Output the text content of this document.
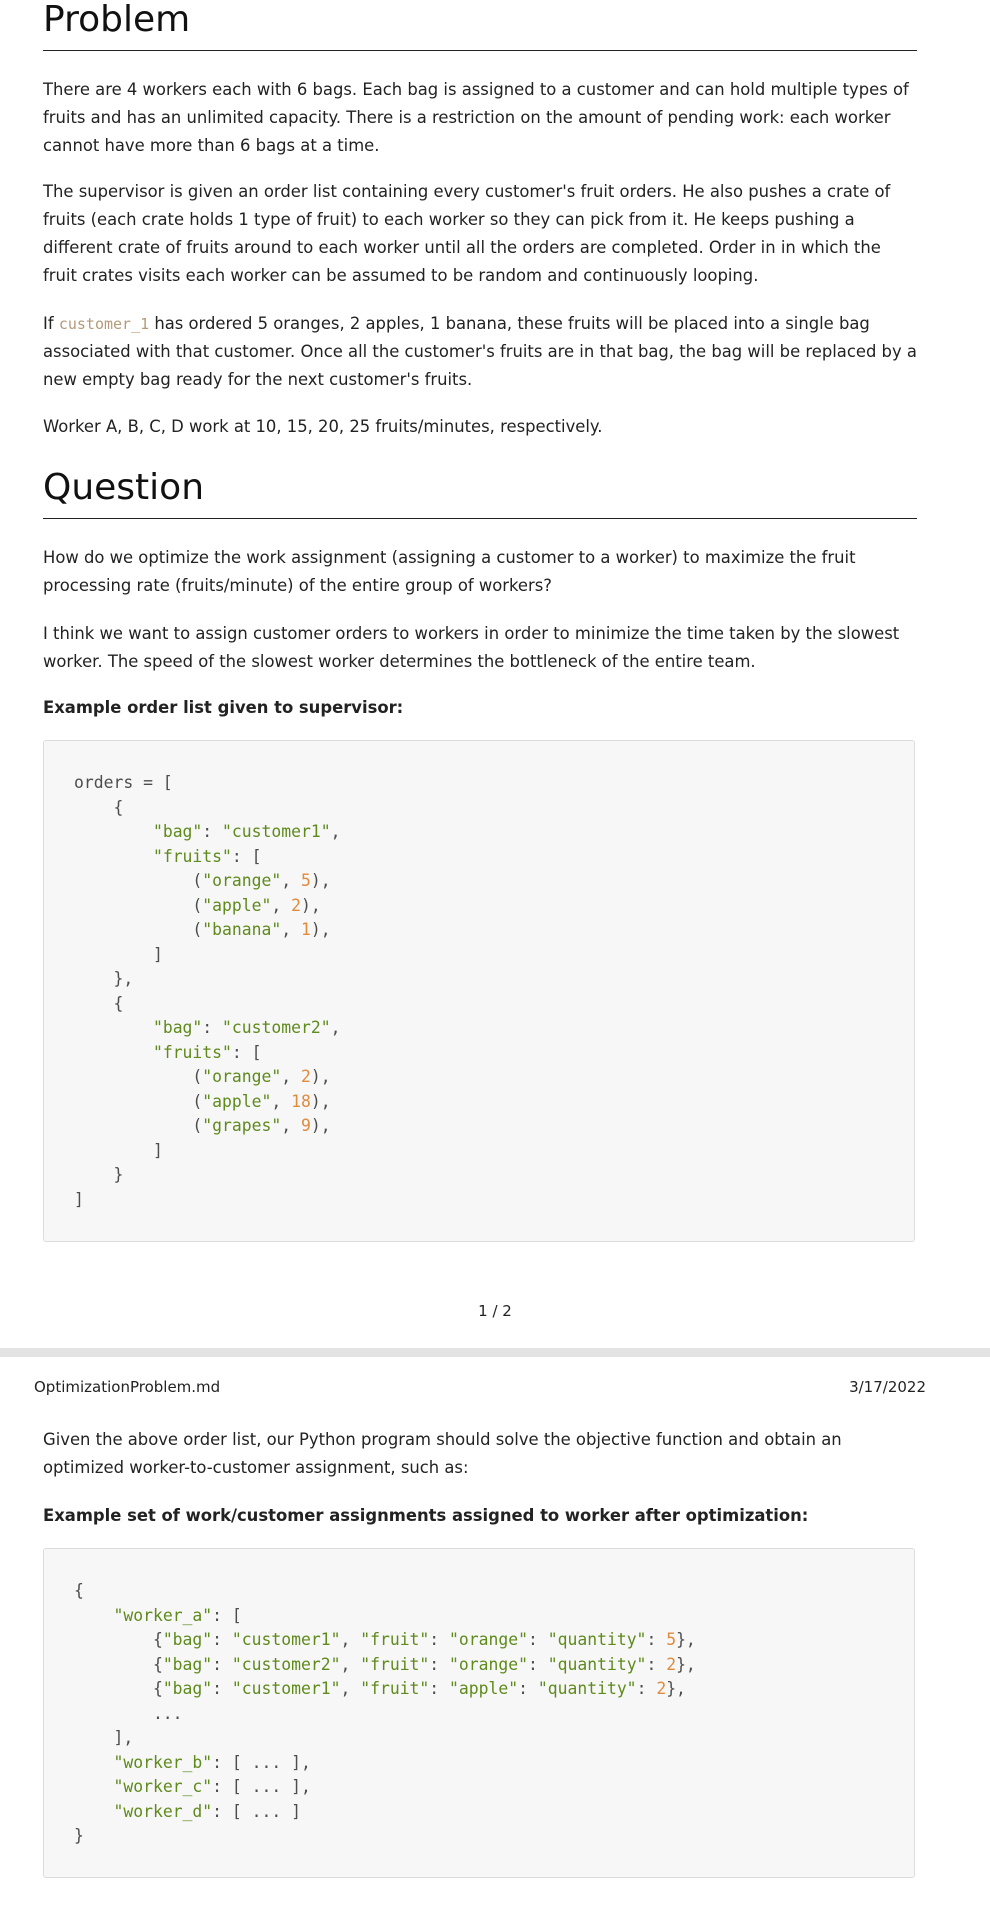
Problem

There are 4 workers each with 6 bags. Each bag is assigned to a customer and can hold multiple types of fruits and has an unlimited capacity. There is a restriction on the amount of pending work: each worker cannot have more than 6 bags at a time.

The supervisor is given an order list containing every customer's fruit orders. He also pushes a crate of fruits (each crate holds 1 type of fruit) to each worker so they can pick from it. He keeps pushing a different crate of fruits around to each worker until all the orders are completed. Order in in which the fruit crates visits each worker can be assumed to be random and continuously looping.

If customer_1 has ordered 5 oranges, 2 apples, 1 banana, these fruits will be placed into a single bag associated with that customer. Once all the customer's fruits are in that bag, the bag will be replaced by a new empty bag ready for the next customer's fruits.

Worker A, B, C, D work at 10, 15, 20, 25 fruits/minutes, respectively.

Question

How do we optimize the work assignment (assigning a customer to a worker) to maximize the fruit processing rate (fruits/minute) of the entire group of workers?

I think we want to assign customer orders to workers in order to minimize the time taken by the slowest worker. The speed of the slowest worker determines the bottleneck of the entire team.

Example order list given to supervisor:

orders = [
{
"bag": "customer1",
"fruits": [
("orange", 5),
("apple", 2),
("banana", 1),
]
},
{
"bag": "customer2",
"fruits": [
("orange", 2),
("apple", 18),
("grapes", 9),
]
}
]
1 / 2
OptimizationProblem.md	3/17/2022

Given the above order list, our Python program should solve the objective function and obtain an optimized worker-to-customer assignment, such as:

Example set of work/customer assignments assigned to worker after optimization:

{
"worker_a": [
{"bag": "customer1", "fruit": "orange": "quantity": 5},
{"bag": "customer2", "fruit": "orange": "quantity": 2},
{"bag": "customer1", "fruit": "apple": "quantity": 2},
...
],
"worker_b": [ ... ],
"worker_c": [ ... ],
"worker_d": [ ... ]
}
